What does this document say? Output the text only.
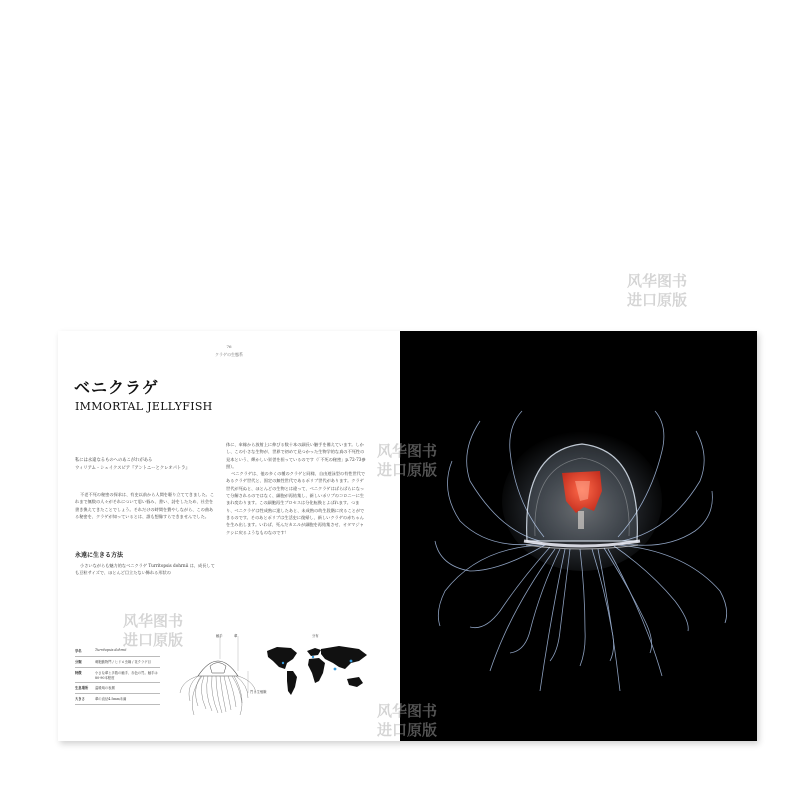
76
クラゲの生態系
ベニクラゲ
IMMORTAL JELLYFISH
私には永遠なるものへのあこがれがある
ウィリアム・シェイクスピア『アントニーとクレオパトラ』

不老不死の秘密の探求は、有史以前から人間を駆り立ててきました。これまで無数の人々がそれについて思い悩み、書い、詩をしたため、社会を書き換えてきたことでしょう。それだけの時間を費やしながら、この曲ある秘密を、クラゲが知っているとは、誰も想像すらできませんでした。

永遠に生きる方法

小さいながらも魅力的なベニクラゲ Turritopsis dohrnii は、成長しても豆粒サイズで、ほとんど目立たない飾れる形状の

体に、傘縁から放射上に伸びる数十本の細長い触手を備えています。しかし、この小さな生物が、世界で初めて見つかった生物学的な真の不死性の見本という、輝かしい栄誉を担っているのです（「不死の秘密」p.72-73参照）。

ベニクラゲは、他の多くの種のクラゲと同様、自由遊泳型の有性世代であるクラゲ世代と、固定の無性世代であるポリプ世代があります。クラゲ世代が死ぬと、ほとんどの生物とは違って、ベニクラゲはばらばらになって分解されるのではなく、細胞が再結集し、新しいポリプのコロニーに生まれ変わります。この細胞再生プロセスは分化転換とよばれます。つまり、ベニクラゲは性成熟に達したあと、未成熟の幼生段階に戻ることができるのです。そのあとポリプは生活史に復帰し、新しいクラゲの赤ちゃんを生み出します。いわば、死んだカエルが細胞を再結集させ、オタマジャクシに戻るようなものなのです！

学名	Turritopsis dohrnii
分類	刺胞動物門 / ヒドロ虫綱 / 花クラゲ目
特徴	小さな傘と多数の触手、赤色の胃。触手は80-90本程度
生息場所	温暖域の表層
大きさ	傘の直径4.5mm未満
触手	傘
胃と生殖腺
分布
风华图书
进口原版
风华图书
进口原版
风华图书
进口原版
风华图书
进口原版
